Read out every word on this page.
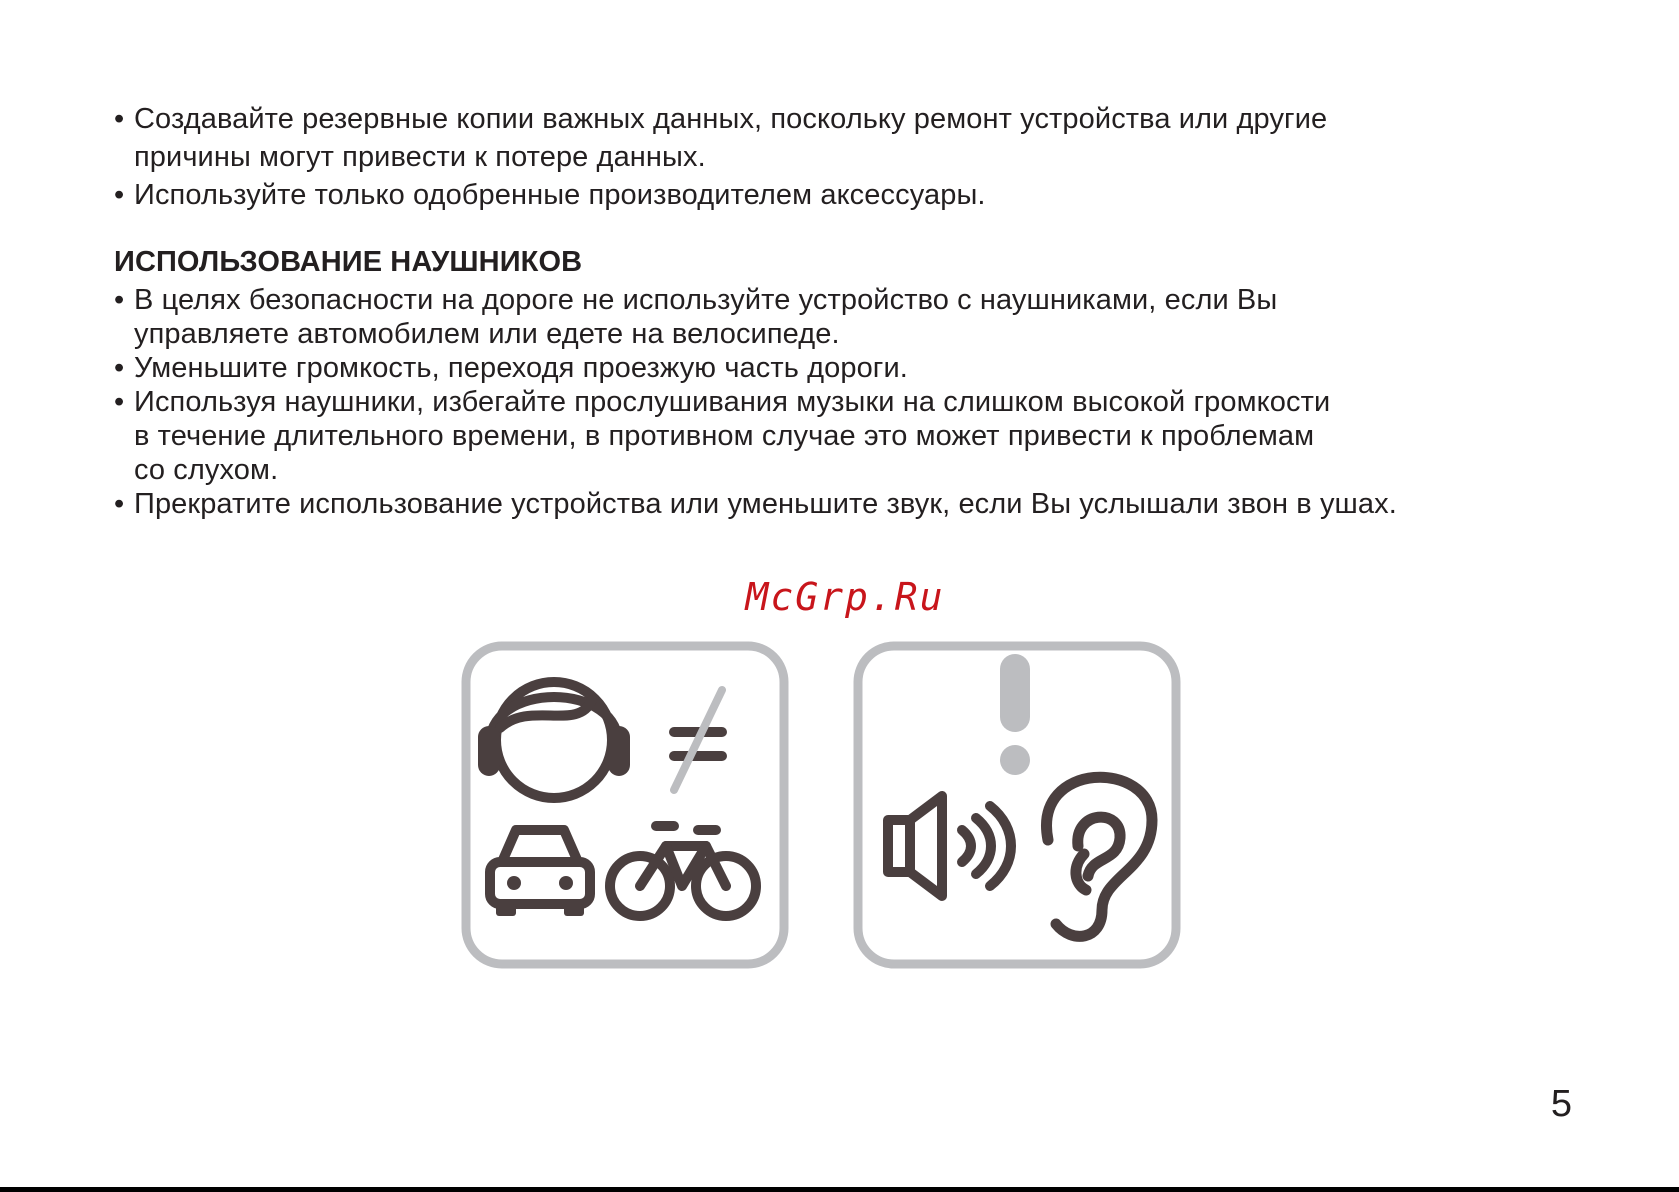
• Создавайте резервные копии важных данных, поскольку ремонт устройства или другие
причины могут привести к потере данных.
• Используйте только одобренные производителем аксессуары.
ИСПОЛЬЗОВАНИЕ НАУШНИКОВ
• В целях безопасности на дороге не используйте устройство с наушниками, если Вы
управляете автомобилем или едете на велосипеде.
• Уменьшите громкость, переходя проезжую часть дороги.
• Используя наушники, избегайте прослушивания музыки на слишком высокой громкости
в течение длительного времени, в противном случае это может привести к проблемам
со слухом.
• Прекратите использование устройства или уменьшите звук, если Вы услышали звон в ушах.
McGrp.Ru
5
